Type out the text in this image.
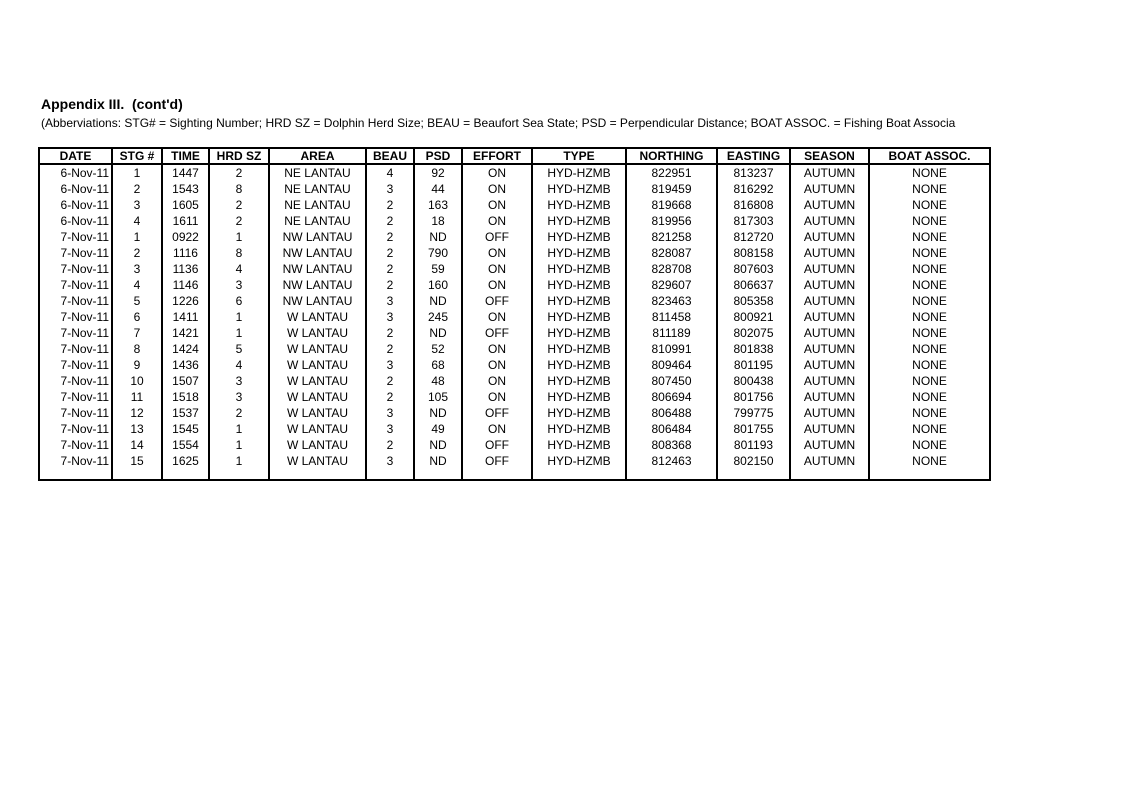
Appendix III.  (cont'd)
(Abberviations: STG# = Sighting Number; HRD SZ = Dolphin Herd Size; BEAU = Beaufort Sea State; PSD = Perpendicular Distance; BOAT ASSOC. = Fishing Boat Associa
DATE	STG #	TIME	HRD SZ	AREA	BEAU	PSD	EFFORT	TYPE	NORTHING	EASTING	SEASON	BOAT ASSOC.
6-Nov-11	1	1447	2	NE LANTAU	4	92	ON	HYD-HZMB	822951	813237	AUTUMN	NONE
6-Nov-11	2	1543	8	NE LANTAU	3	44	ON	HYD-HZMB	819459	816292	AUTUMN	NONE
6-Nov-11	3	1605	2	NE LANTAU	2	163	ON	HYD-HZMB	819668	816808	AUTUMN	NONE
6-Nov-11	4	1611	2	NE LANTAU	2	18	ON	HYD-HZMB	819956	817303	AUTUMN	NONE
7-Nov-11	1	0922	1	NW LANTAU	2	ND	OFF	HYD-HZMB	821258	812720	AUTUMN	NONE
7-Nov-11	2	1116	8	NW LANTAU	2	790	ON	HYD-HZMB	828087	808158	AUTUMN	NONE
7-Nov-11	3	1136	4	NW LANTAU	2	59	ON	HYD-HZMB	828708	807603	AUTUMN	NONE
7-Nov-11	4	1146	3	NW LANTAU	2	160	ON	HYD-HZMB	829607	806637	AUTUMN	NONE
7-Nov-11	5	1226	6	NW LANTAU	3	ND	OFF	HYD-HZMB	823463	805358	AUTUMN	NONE
7-Nov-11	6	1411	1	W LANTAU	3	245	ON	HYD-HZMB	811458	800921	AUTUMN	NONE
7-Nov-11	7	1421	1	W LANTAU	2	ND	OFF	HYD-HZMB	811189	802075	AUTUMN	NONE
7-Nov-11	8	1424	5	W LANTAU	2	52	ON	HYD-HZMB	810991	801838	AUTUMN	NONE
7-Nov-11	9	1436	4	W LANTAU	3	68	ON	HYD-HZMB	809464	801195	AUTUMN	NONE
7-Nov-11	10	1507	3	W LANTAU	2	48	ON	HYD-HZMB	807450	800438	AUTUMN	NONE
7-Nov-11	11	1518	3	W LANTAU	2	105	ON	HYD-HZMB	806694	801756	AUTUMN	NONE
7-Nov-11	12	1537	2	W LANTAU	3	ND	OFF	HYD-HZMB	806488	799775	AUTUMN	NONE
7-Nov-11	13	1545	1	W LANTAU	3	49	ON	HYD-HZMB	806484	801755	AUTUMN	NONE
7-Nov-11	14	1554	1	W LANTAU	2	ND	OFF	HYD-HZMB	808368	801193	AUTUMN	NONE
7-Nov-11	15	1625	1	W LANTAU	3	ND	OFF	HYD-HZMB	812463	802150	AUTUMN	NONE
